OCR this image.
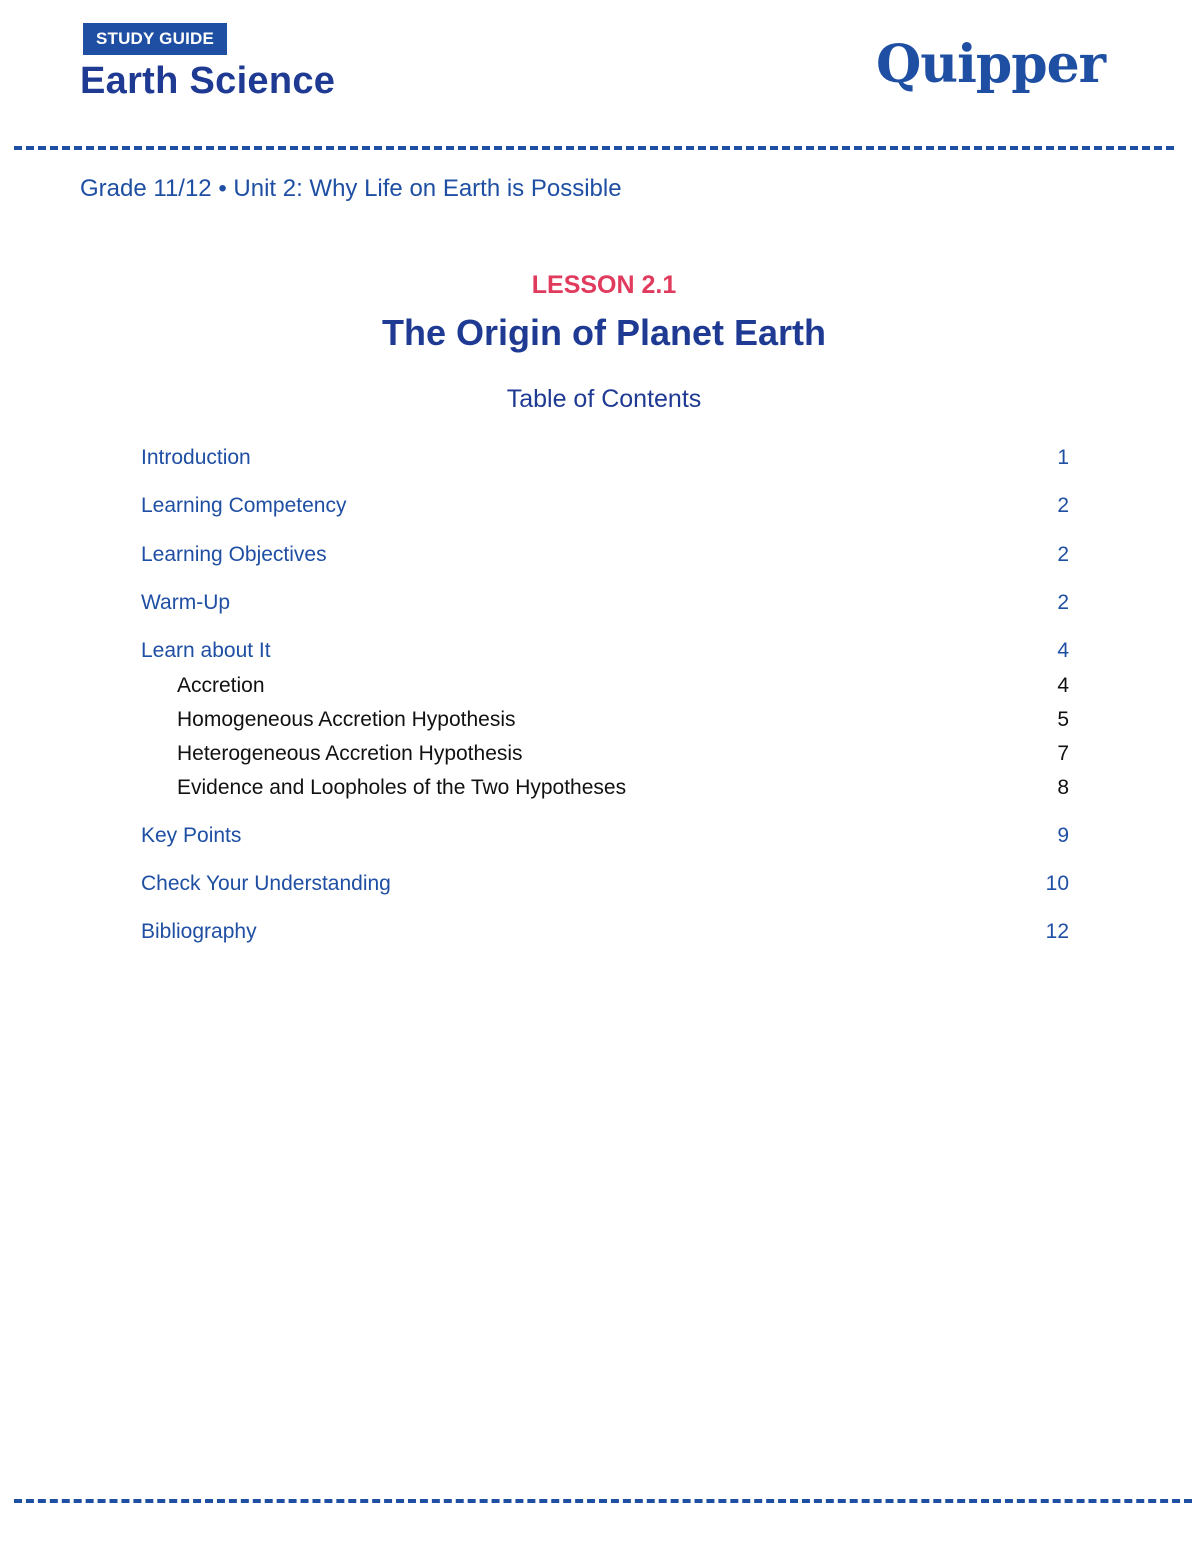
STUDY GUIDE
Earth Science	Quipper
Grade 11/12 • Unit 2: Why Life on Earth is Possible
LESSON 2.1
The Origin of Planet Earth
Table of Contents
Introduction	1
Learning Competency	2
Learning Objectives	2
Warm-Up	2
Learn about It	4
Accretion	4
Homogeneous Accretion Hypothesis	5
Heterogeneous Accretion Hypothesis	7
Evidence and Loopholes of the Two Hypotheses	8
Key Points	9
Check Your Understanding	10
Bibliography	12
